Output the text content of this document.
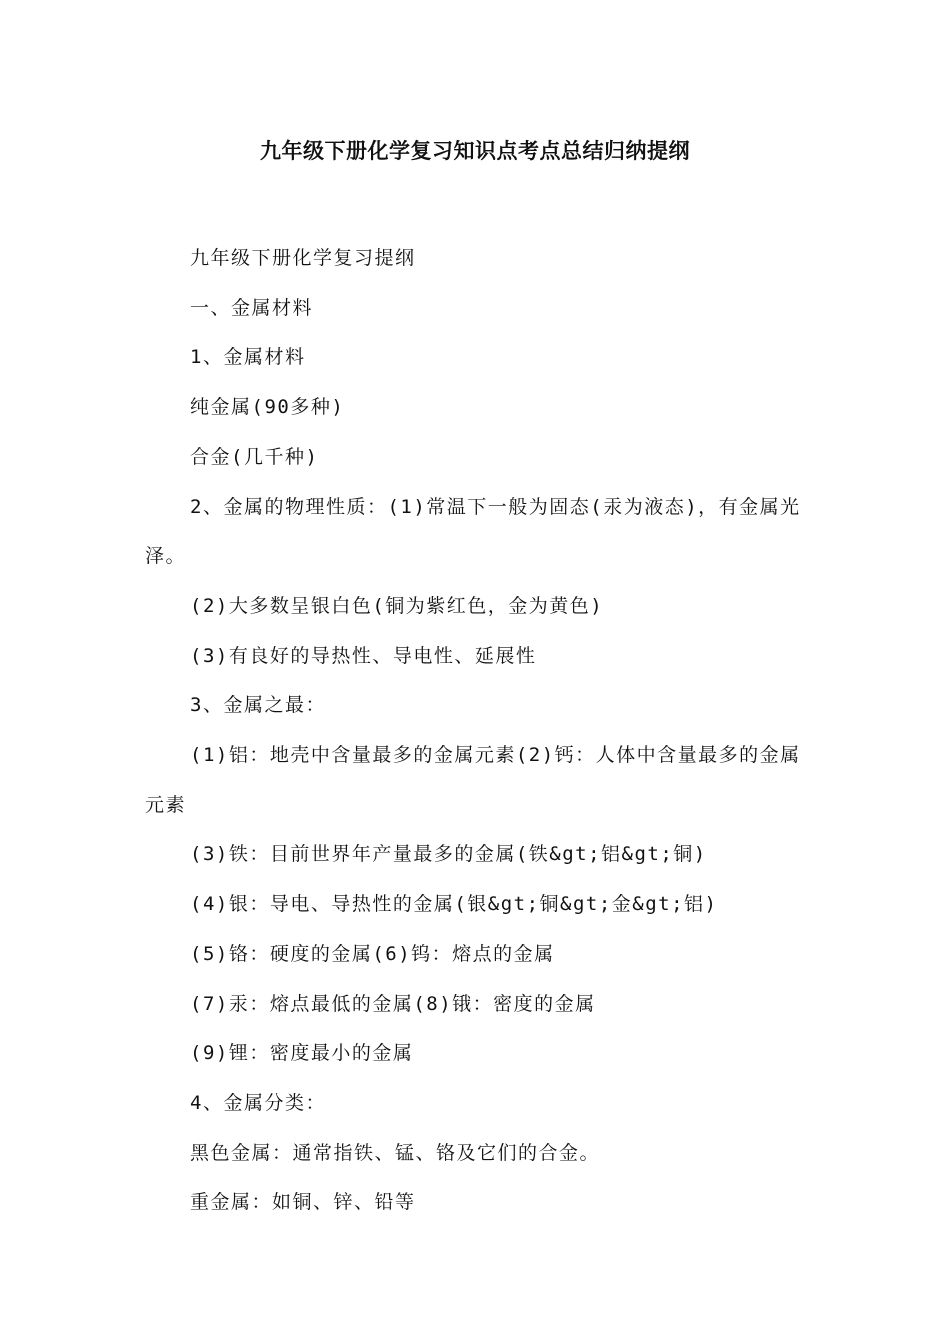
九年级下册化学复习知识点考点总结归纳提纲

九年级下册化学复习提纲

一、金属材料

1、金属材料

纯金属(90多种)

合金(几千种)

2、金属的物理性质：(1)常温下一般为固态(汞为液态)，有金属光泽。

(2)大多数呈银白色(铜为紫红色，金为黄色)

(3)有良好的导热性、导电性、延展性

3、金属之最：

(1)铝：地壳中含量最多的金属元素(2)钙：人体中含量最多的金属元素

(3)铁：目前世界年产量最多的金属(铁&gt;铝&gt;铜)

(4)银：导电、导热性的金属(银&gt;铜&gt;金&gt;铝)

(5)铬：硬度的金属(6)钨：熔点的金属

(7)汞：熔点最低的金属(8)锇：密度的金属

(9)锂：密度最小的金属

4、金属分类：

黑色金属：通常指铁、锰、铬及它们的合金。

重金属：如铜、锌、铅等
